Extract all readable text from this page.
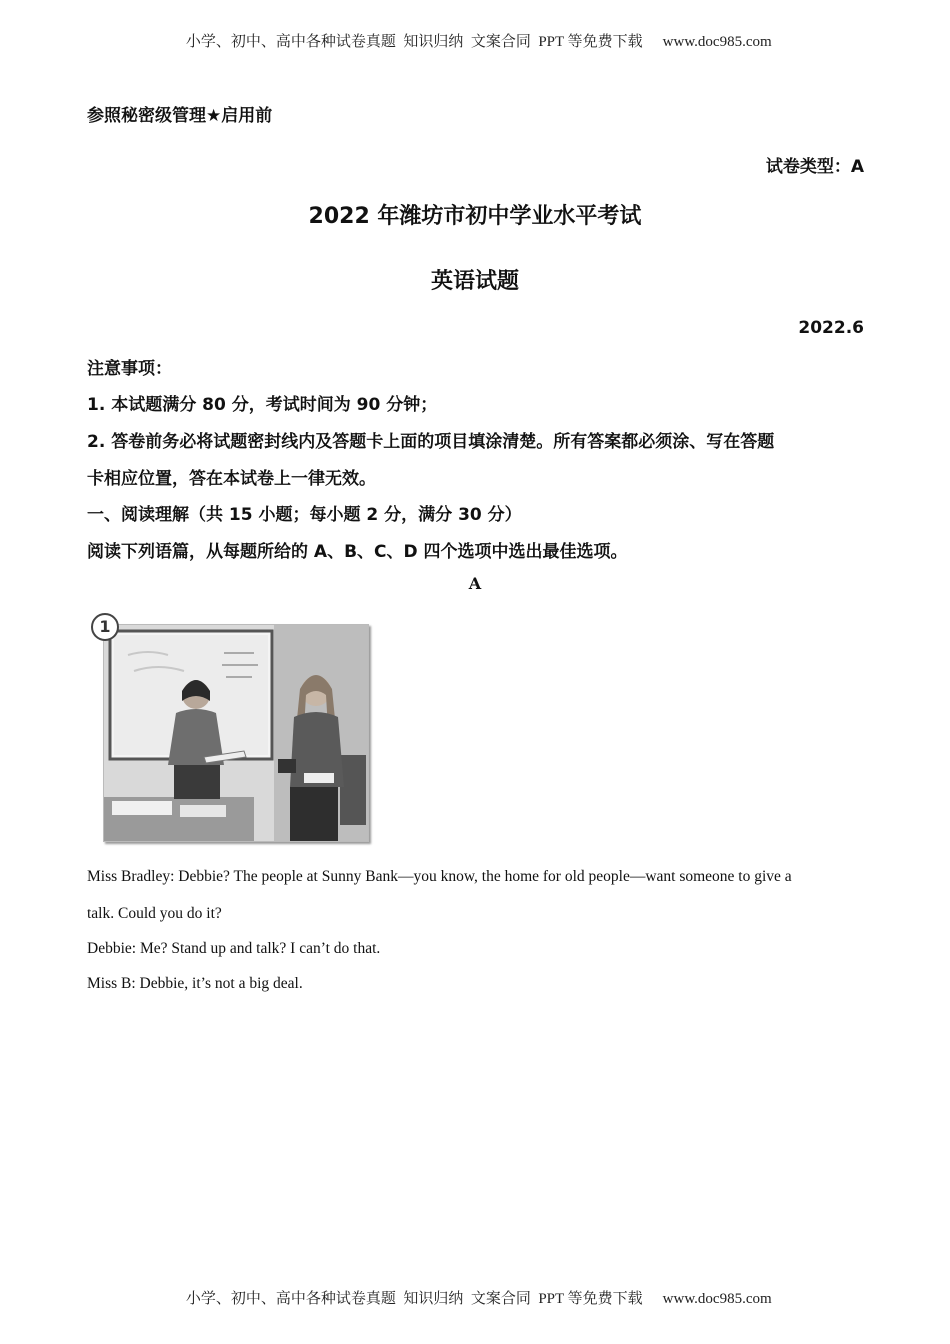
小学、初中、高中各种试卷真题  知识归纳  文案合同  PPT 等免费下载 www.doc985.com

参照秘密级管理★启用前
试卷类型：A
2022 年潍坊市初中学业水平考试
英语试题
2022.6
注意事项：
1. 本试题满分 80 分，考试时间为 90 分钟；
2. 答卷前务必将试题密封线内及答题卡上面的项目填涂清楚。所有答案都必须涂、写在答题
卡相应位置，答在本试卷上一律无效。
一、阅读理解（共 15 小题；每小题 2 分，满分 30 分）
阅读下列语篇，从每题所给的 A、B、C、D 四个选项中选出最佳选项。
A
1
Miss Bradley: Debbie? The people at Sunny Bank—you know, the home for old people—want someone to give a
talk. Could you do it?
Debbie: Me? Stand up and talk? I can’t do that.
Miss B: Debbie, it’s not a big deal.

小学、初中、高中各种试卷真题  知识归纳  文案合同  PPT 等免费下载 www.doc985.com
